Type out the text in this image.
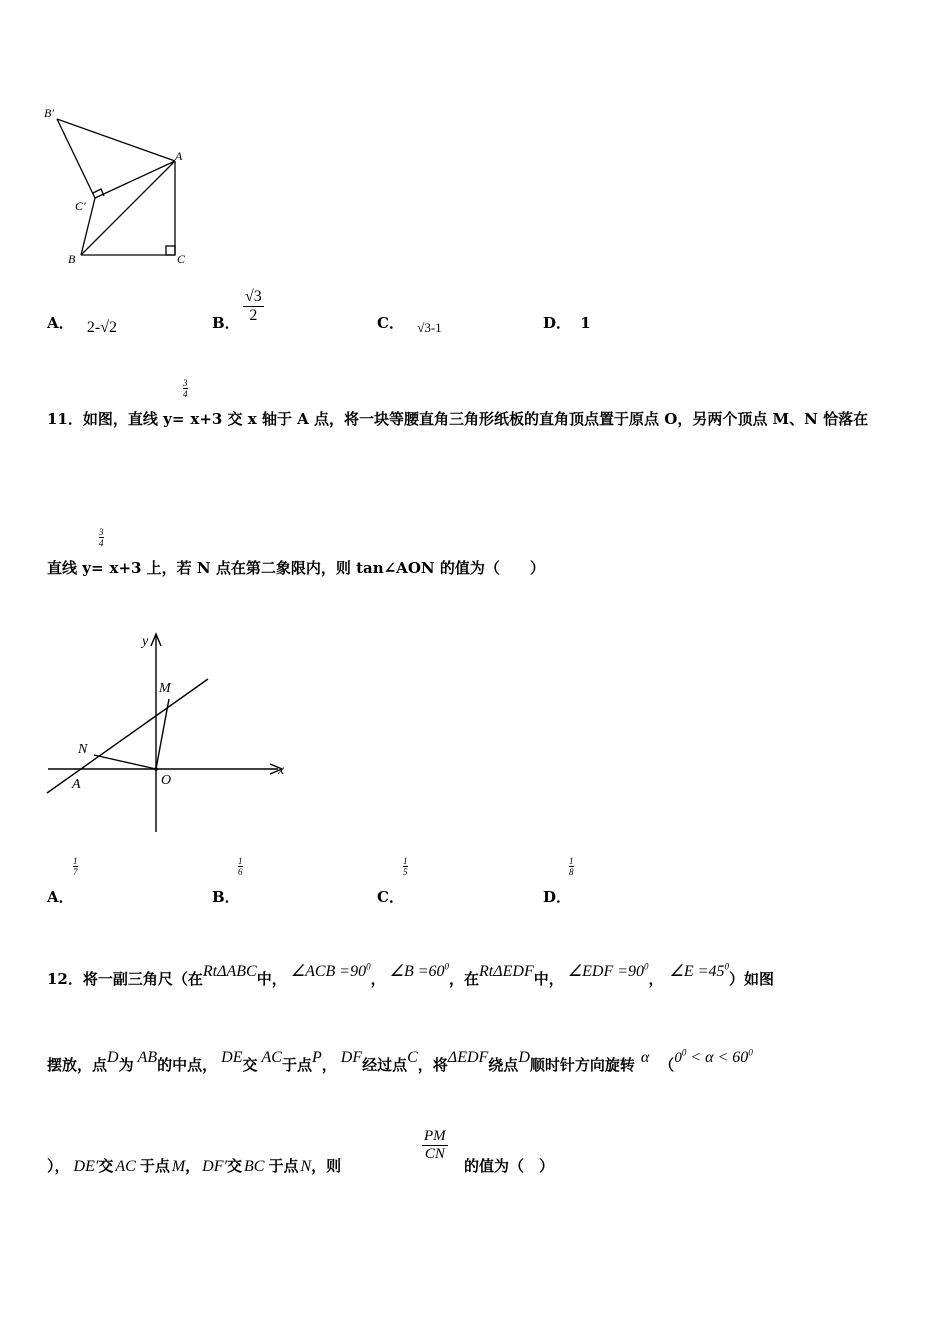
B′
A
C′
B	C
A． 2-√2	B． $\frac{√3}{2}$	C． √3-1	D． 1
3
4
11．如图，直线 y= x+3 交 x 轴于 A 点，将一块等腰直角三角形纸板的直角顶点置于原点 O，另两个顶点 M、N 恰落在
3
4
直线 y= x+3 上，若 N 点在第二象限内，则 tan∠AON 的值为（　　）
y
x
M
N
A	O
A．
1
7
B．
1
6
C．
1
5
D．
1
8
12．将一副三角尺（在RtΔABC中， ∠ACB $=90^0$， ∠B $=60^0$，在RtΔEDF中， ∠EDF $=90^0$， ∠E $=45^0$）如图
摆放，点D为 AB的中点， DE交 AC于点P， DF经过点C，将ΔEDF绕点D顺时针方向旋转 α （$0^0 < \alpha < 60^0$
）， DE′交 AC 于点 M， DF′交 BC 于点 N，则
$\frac{PM}{CN}$
的值为（　）
